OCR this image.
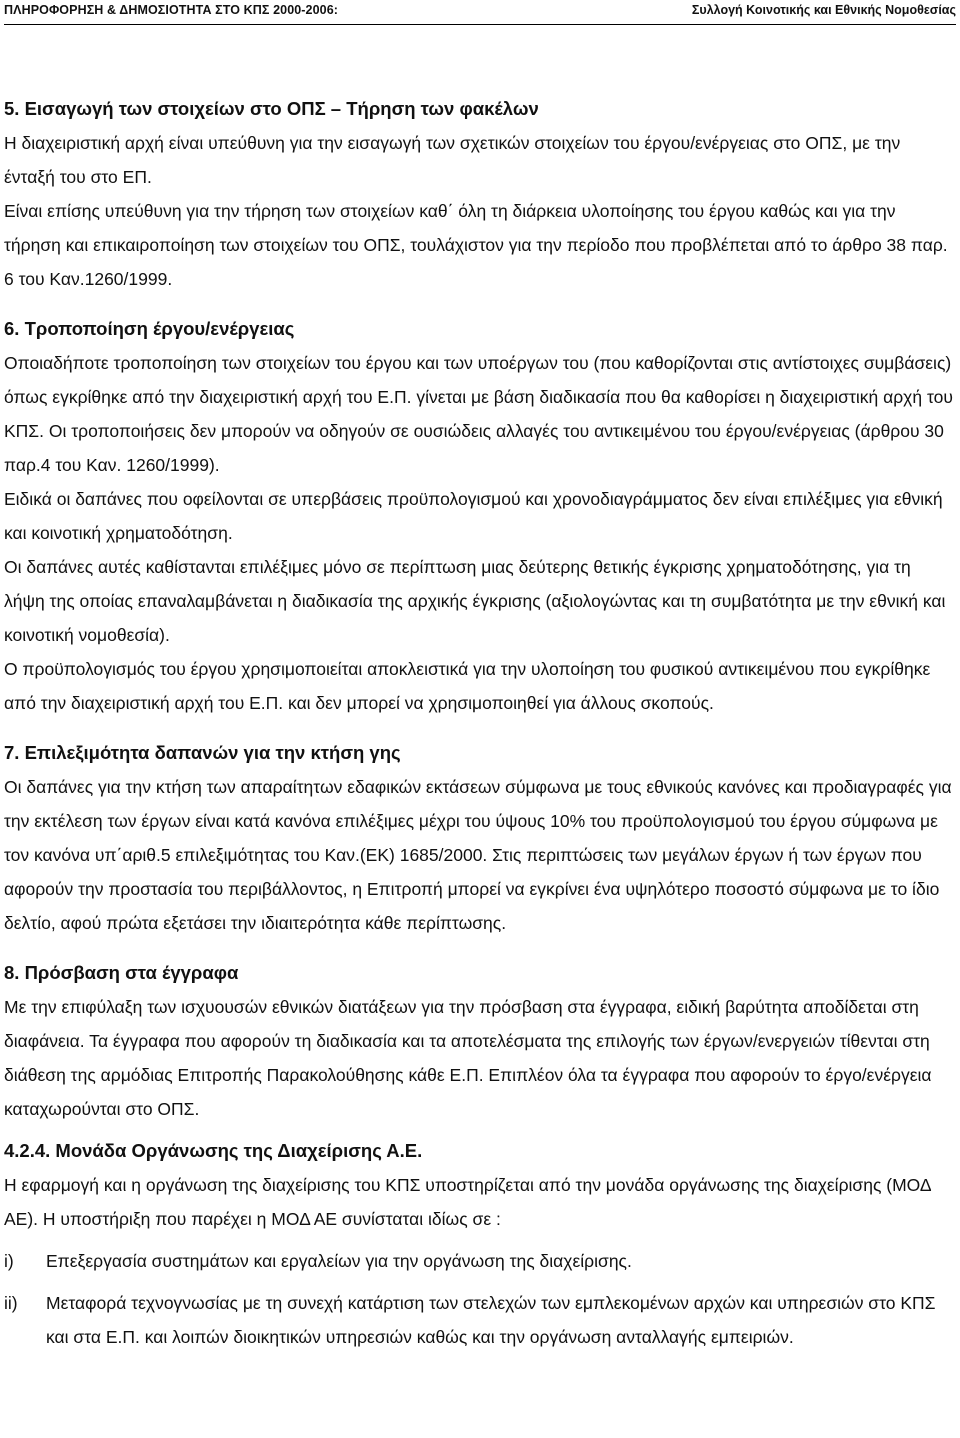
ΠΛΗΡΟΦΟΡΗΣΗ & ΔΗΜΟΣΙΟΤΗΤΑ ΣΤΟ ΚΠΣ 2000-2006:	Συλλογή Κοινοτικής και Εθνικής Νομοθεσίας

5. Εισαγωγή των στοιχείων στο ΟΠΣ – Τήρηση των φακέλων

Η διαχειριστική αρχή είναι υπεύθυνη για την εισαγωγή των σχετικών στοιχείων του έργου/ενέργειας στο ΟΠΣ, με την ένταξή του στο ΕΠ.

Είναι επίσης υπεύθυνη για την τήρηση των στοιχείων καθ΄ όλη τη διάρκεια υλοποίησης του έργου καθώς και για την τήρηση και επικαιροποίηση των στοιχείων του ΟΠΣ, τουλάχιστον για την περίοδο που προβλέπεται από το άρθρο 38 παρ. 6 του Καν.1260/1999.

6. Τροποποίηση έργου/ενέργειας

Οποιαδήποτε τροποποίηση των στοιχείων του έργου και των υποέργων του (που καθορίζονται στις αντίστοιχες συμβάσεις) όπως εγκρίθηκε από την διαχειριστική αρχή του Ε.Π. γίνεται με βάση διαδικασία που θα καθορίσει η διαχειριστική αρχή του ΚΠΣ. Οι τροποποιήσεις δεν μπορούν να οδηγούν σε ουσιώδεις αλλαγές του αντικειμένου του έργου/ενέργειας (άρθρου 30 παρ.4 του Καν. 1260/1999).

Ειδικά οι δαπάνες που οφείλονται σε υπερβάσεις προϋπολογισμού και χρονοδιαγράμματος δεν είναι επιλέξιμες για εθνική και κοινοτική χρηματοδότηση.

Οι δαπάνες αυτές καθίστανται επιλέξιμες μόνο σε περίπτωση μιας δεύτερης θετικής έγκρισης χρηματοδότησης, για τη λήψη της οποίας επαναλαμβάνεται η διαδικασία της αρχικής έγκρισης (αξιολογώντας και τη συμβατότητα με την εθνική και κοινοτική νομοθεσία).

Ο προϋπολογισμός του έργου χρησιμοποιείται αποκλειστικά για την υλοποίηση του φυσικού αντικειμένου που εγκρίθηκε από την διαχειριστική αρχή του Ε.Π. και δεν μπορεί να χρησιμοποιηθεί για άλλους σκοπούς.

7. Επιλεξιμότητα δαπανών για την κτήση γης

Οι δαπάνες για την κτήση των απαραίτητων εδαφικών εκτάσεων σύμφωνα με τους εθνικούς κανόνες και προδιαγραφές για την εκτέλεση των έργων είναι κατά κανόνα επιλέξιμες μέχρι του ύψους 10% του προϋπολογισμού του έργου σύμφωνα με τον κανόνα υπ΄αριθ.5 επιλεξιμότητας του Καν.(ΕΚ) 1685/2000. Στις περιπτώσεις των μεγάλων έργων ή των έργων που αφορούν την προστασία του περιβάλλοντος, η Επιτροπή μπορεί να εγκρίνει ένα υψηλότερο ποσοστό σύμφωνα με το ίδιο δελτίο, αφού πρώτα εξετάσει την ιδιαιτερότητα κάθε περίπτωσης.

8. Πρόσβαση στα έγγραφα

Με την επιφύλαξη των ισχυουσών εθνικών διατάξεων για την πρόσβαση στα έγγραφα, ειδική βαρύτητα αποδίδεται στη διαφάνεια. Τα έγγραφα που αφορούν τη διαδικασία και τα αποτελέσματα της επιλογής των έργων/ενεργειών τίθενται στη διάθεση της αρμόδιας Επιτροπής Παρακολούθησης κάθε Ε.Π. Επιπλέον όλα τα έγγραφα που αφορούν το έργο/ενέργεια καταχωρούνται στο ΟΠΣ.

4.2.4. Μονάδα Οργάνωσης της Διαχείρισης Α.Ε.

Η εφαρμογή και η οργάνωση της διαχείρισης του ΚΠΣ υποστηρίζεται από την μονάδα οργάνωσης της διαχείρισης (ΜΟΔ ΑΕ). Η υποστήριξη που παρέχει η ΜΟΔ ΑΕ συνίσταται ιδίως σε :

i)	Επεξεργασία συστημάτων και εργαλείων για την οργάνωση της διαχείρισης.
ii)	Μεταφορά τεχνογνωσίας με τη συνεχή κατάρτιση των στελεχών των εμπλεκομένων αρχών και υπηρεσιών στο ΚΠΣ και στα Ε.Π. και λοιπών διοικητικών υπηρεσιών καθώς και την οργάνωση ανταλλαγής εμπειριών.
